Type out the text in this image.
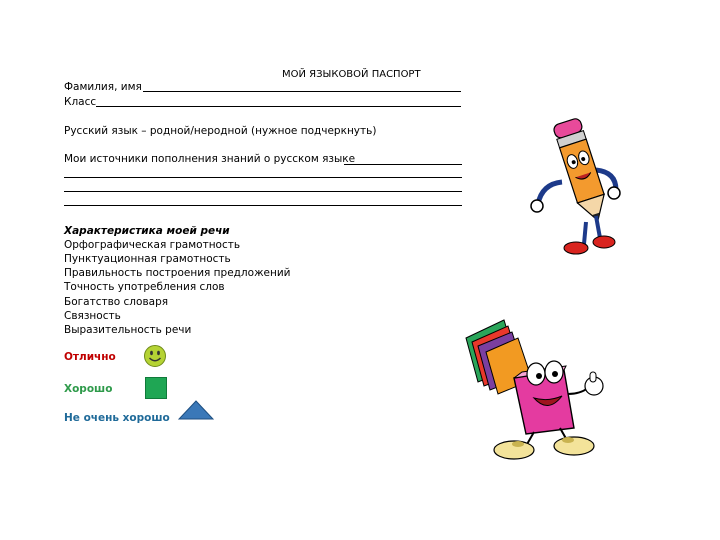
МОЙ ЯЗЫКОВОЙ ПАСПОРТ
Фамилия, имя
Класс
Русский язык – родной/неродной (нужное подчеркнуть)
Мои источники пополнения знаний о русском языке
Характеристика моей речи
Орфографическая грамотность
Пунктуационная грамотность
Правильность построения предложений
Точность употребления слов
Богатство словаря
Связность
Выразительность речи
Отлично
Хорошо
Не очень хорошо
